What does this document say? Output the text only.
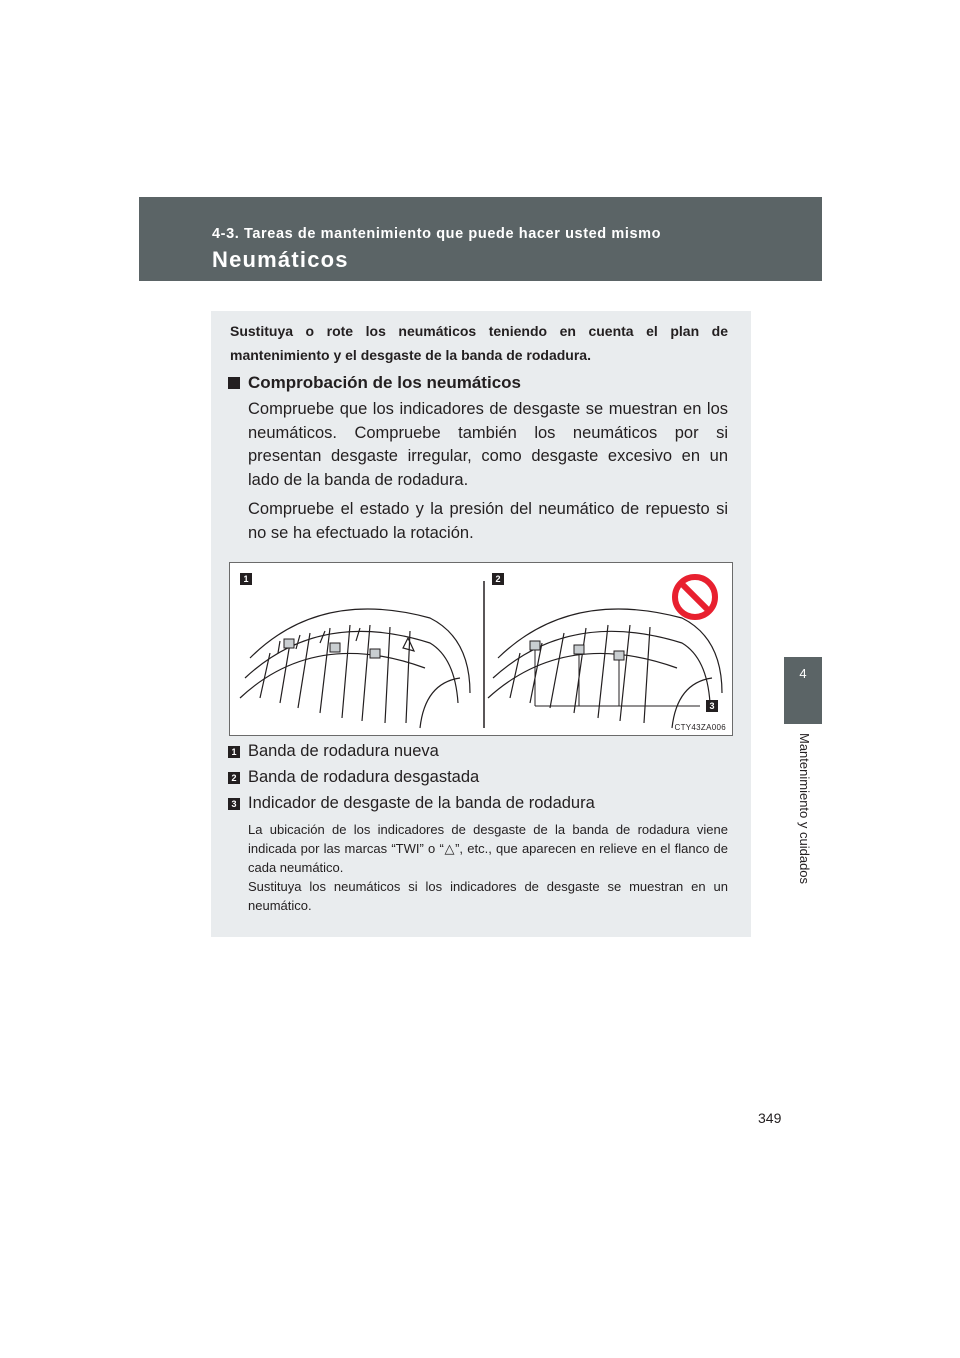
4-3. Tareas de mantenimiento que puede hacer usted mismo
Neumáticos
4
Mantenimiento y cuidados
Sustituya o rote los neumáticos teniendo en cuenta el plan de mantenimiento y el desgaste de la banda de rodadura.
Comprobación de los neumáticos
Compruebe que los indicadores de desgaste se muestran en los neumáticos. Compruebe también los neumáticos por si presentan desgaste irregular, como desgaste excesivo en un lado de la banda de rodadura.
Compruebe el estado y la presión del neumático de repuesto si no se ha efectuado la rotación.
1	2
3
CTY43ZA006
1 Banda de rodadura nueva
2 Banda de rodadura desgastada
3 Indicador de desgaste de la banda de rodadura
La ubicación de los indicadores de desgaste de la banda de rodadura viene indicada por las marcas “TWI” o “△”, etc., que aparecen en relieve en el flanco de cada neumático.
Sustituya los neumáticos si los indicadores de desgaste se muestran en un neumático.
349
